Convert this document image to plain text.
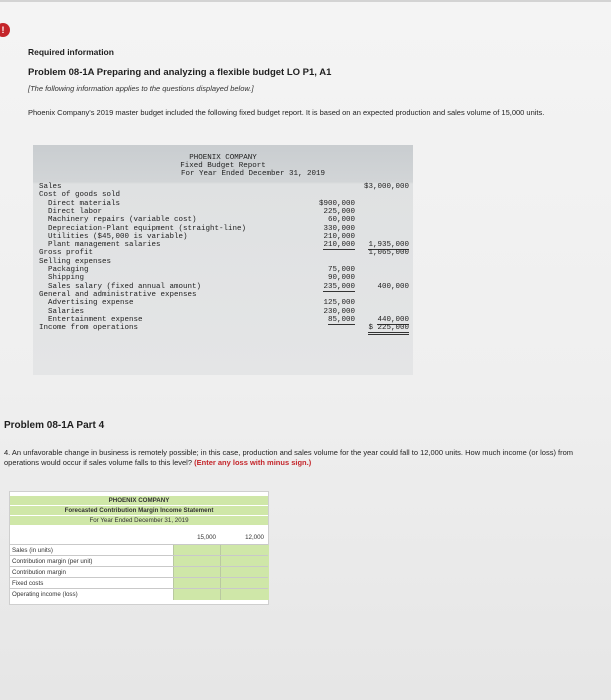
!
Required information
Problem 08-1A Preparing and analyzing a flexible budget LO P1, A1
[The following information applies to the questions displayed below.]
Phoenix Company's 2019 master budget included the following fixed budget report. It is based on an expected production and sales volume of 15,000 units.
PHOENIX COMPANY
Fixed Budget Report
For Year Ended December 31, 2019
Sales	$3,000,000
Cost of goods sold
Direct materials	$900,000
Direct labor	225,000
Machinery repairs (variable cost)	60,000
Depreciation-Plant equipment (straight-line)	330,000
Utilities ($45,000 is variable)	210,000
Plant management salaries	210,000 1,935,000
Gross profit	1,065,000
Selling expenses
Packaging	75,000
Shipping	90,000
Sales salary (fixed annual amount)	235,000	400,000
General and administrative expenses
Advertising expense	125,000
Salaries	230,000
Entertainment expense	85,000	440,000
Income from operations	$ 225,000
Problem 08-1A Part 4
4. An unfavorable change in business is remotely possible; in this case, production and sales volume for the year could fall to 12,000 units. How much income (or loss) from operations would occur if sales volume falls to this level? (Enter any loss with minus sign.)
PHOENIX COMPANY
Forecasted Contribution Margin Income Statement
For Year Ended December 31, 2019
15,000	12,000
Sales (in units)
Contribution margin (per unit)
Contribution margin
Fixed costs
Operating income (loss)
